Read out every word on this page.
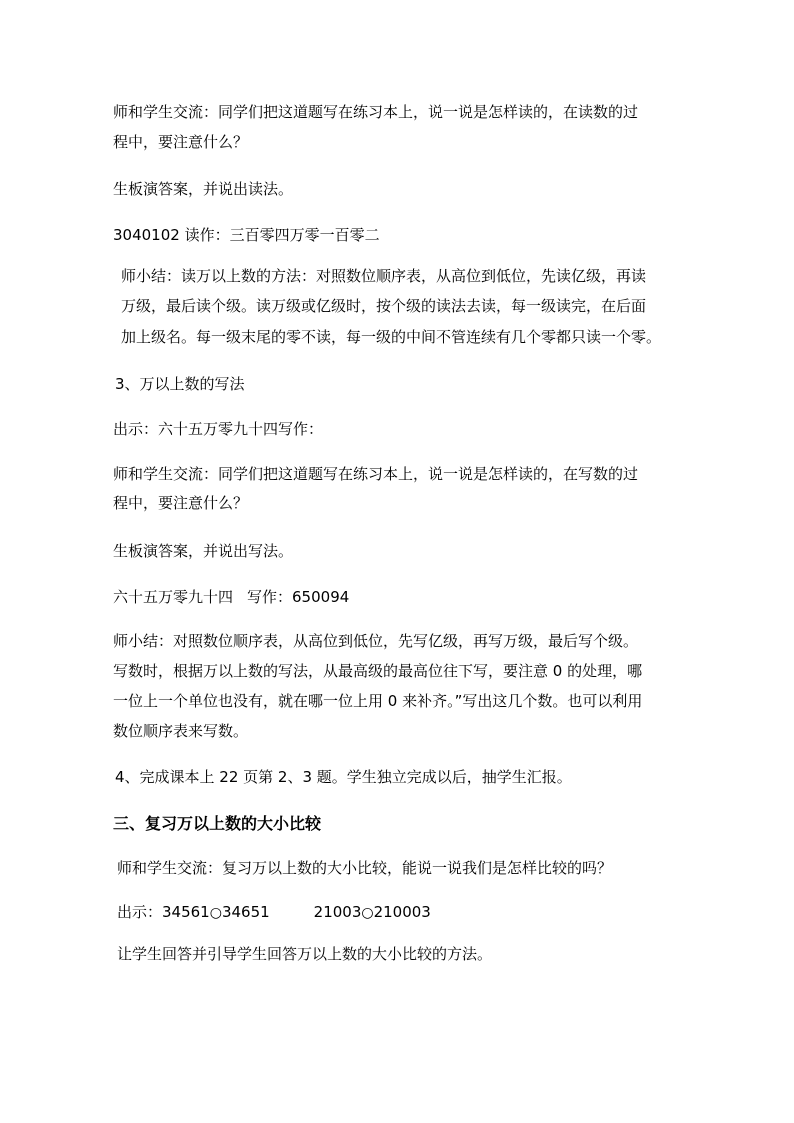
师和学生交流：同学们把这道题写在练习本上，说一说是怎样读的，在读数的过

程中，要注意什么？

生板演答案，并说出读法。

3040102 读作：三百零四万零一百零二

师小结：读万以上数的方法：对照数位顺序表，从高位到低位，先读亿级，再读

万级，最后读个级。读万级或亿级时，按个级的读法去读，每一级读完，在后面

加上级名。每一级末尾的零不读，每一级的中间不管连续有几个零都只读一个零。

3、万以上数的写法

出示：六十五万零九十四写作：

师和学生交流：同学们把这道题写在练习本上，说一说是怎样读的，在写数的过

程中，要注意什么？

生板演答案，并说出写法。

六十五万零九十四 写作：650094

师小结：对照数位顺序表，从高位到低位，先写亿级，再写万级，最后写个级。

写数时，根据万以上数的写法，从最高级的最高位往下写，要注意 0 的处理，哪

一位上一个单位也没有，就在哪一位上用 0 来补齐。”写出这几个数。也可以利用

数位顺序表来写数。

4、完成课本上 22 页第 2、3 题。学生独立完成以后，抽学生汇报。

三、复习万以上数的大小比较

师和学生交流：复习万以上数的大小比较，能说一说我们是怎样比较的吗？

出示：34561○34651	21003○210003

让学生回答并引导学生回答万以上数的大小比较的方法。
